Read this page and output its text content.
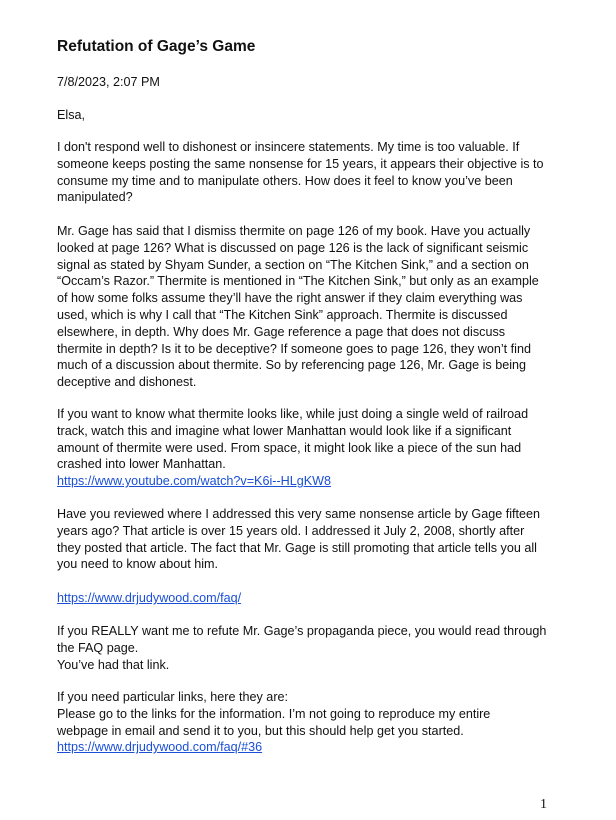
Refutation of Gage’s Game
7/8/2023, 2:07 PM
Elsa,
I don't respond well to dishonest or insincere statements. My time is too valuable. If
someone keeps posting the same nonsense for 15 years, it appears their objective is to
consume my time and to manipulate others. How does it feel to know you’ve been
manipulated?
Mr. Gage has said that I dismiss thermite on page 126 of my book. Have you actually
looked at page 126? What is discussed on page 126 is the lack of significant seismic
signal as stated by Shyam Sunder, a section on “The Kitchen Sink,” and a section on
“Occam’s Razor.” Thermite is mentioned in “The Kitchen Sink,” but only as an example
of how some folks assume they’ll have the right answer if they claim everything was
used, which is why I call that “The Kitchen Sink” approach. Thermite is discussed
elsewhere, in depth. Why does Mr. Gage reference a page that does not discuss
thermite in depth? Is it to be deceptive? If someone goes to page 126, they won’t find
much of a discussion about thermite. So by referencing page 126, Mr. Gage is being
deceptive and dishonest.
If you want to know what thermite looks like, while just doing a single weld of railroad
track, watch this and imagine what lower Manhattan would look like if a significant
amount of thermite were used. From space, it might look like a piece of the sun had
crashed into lower Manhattan.
https://www.youtube.com/watch?v=K6i--HLgKW8
Have you reviewed where I addressed this very same nonsense article by Gage fifteen
years ago? That article is over 15 years old. I addressed it July 2, 2008, shortly after
they posted that article. The fact that Mr. Gage is still promoting that article tells you all
you need to know about him.
https://www.drjudywood.com/faq/
If you REALLY want me to refute Mr. Gage’s propaganda piece, you would read through
the FAQ page.
You’ve had that link.
If you need particular links, here they are:
Please go to the links for the information. I’m not going to reproduce my entire
webpage in email and send it to you, but this should help get you started.
https://www.drjudywood.com/faq/#36
1
